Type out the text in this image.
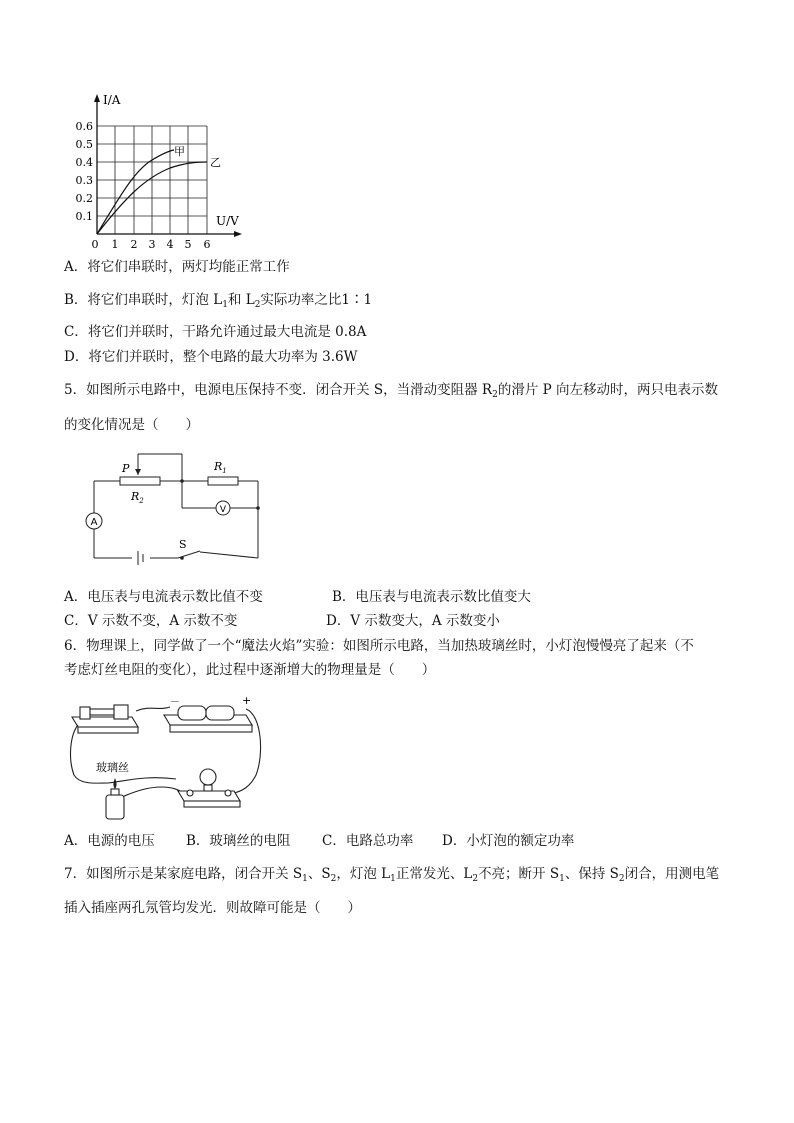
I/A
U/V
甲
乙
0.6
0.5
0.4
0.3
0.2
0.1
0 1 2 3 4 5 6
A．将它们串联时，两灯均能正常工作
B．将它们串联时，灯泡 $L_1$和 $L_2$实际功率之比1∶1
C．将它们并联时，干路允许通过最大电流是 0.8A
D．将它们并联时，整个电路的最大功率为 3.6W
5．如图所示电路中，电源电压保持不变．闭合开关 S，当滑动变阻器 $R_2$的滑片 P 向左移动时，两只电表示数
的变化情况是（　　）
A
V
P
$R_2$
$R_1$
S
A．电压表与电流表示数比值不变	B．电压表与电流表示数比值变大
C．V 示数不变，A 示数不变	D．V 示数变大，A 示数变小
6．物理课上，同学做了一个“魔法火焰”实验：如图所示电路，当加热玻璃丝时，小灯泡慢慢亮了起来（不
考虑灯丝电阻的变化），此过程中逐渐增大的物理量是（　　）
－	+
玻璃丝
A．电源的电压 B．玻璃丝的电阻 C．电路总功率 D．小灯泡的额定功率
7．如图所示是某家庭电路，闭合开关 $S_1$、$S_2$，灯泡 $L_1$正常发光、$L_2$不亮；断开 $S_1$、保持 $S_2$闭合，用测电笔
插入插座两孔氖管均发光．则故障可能是（　　）
